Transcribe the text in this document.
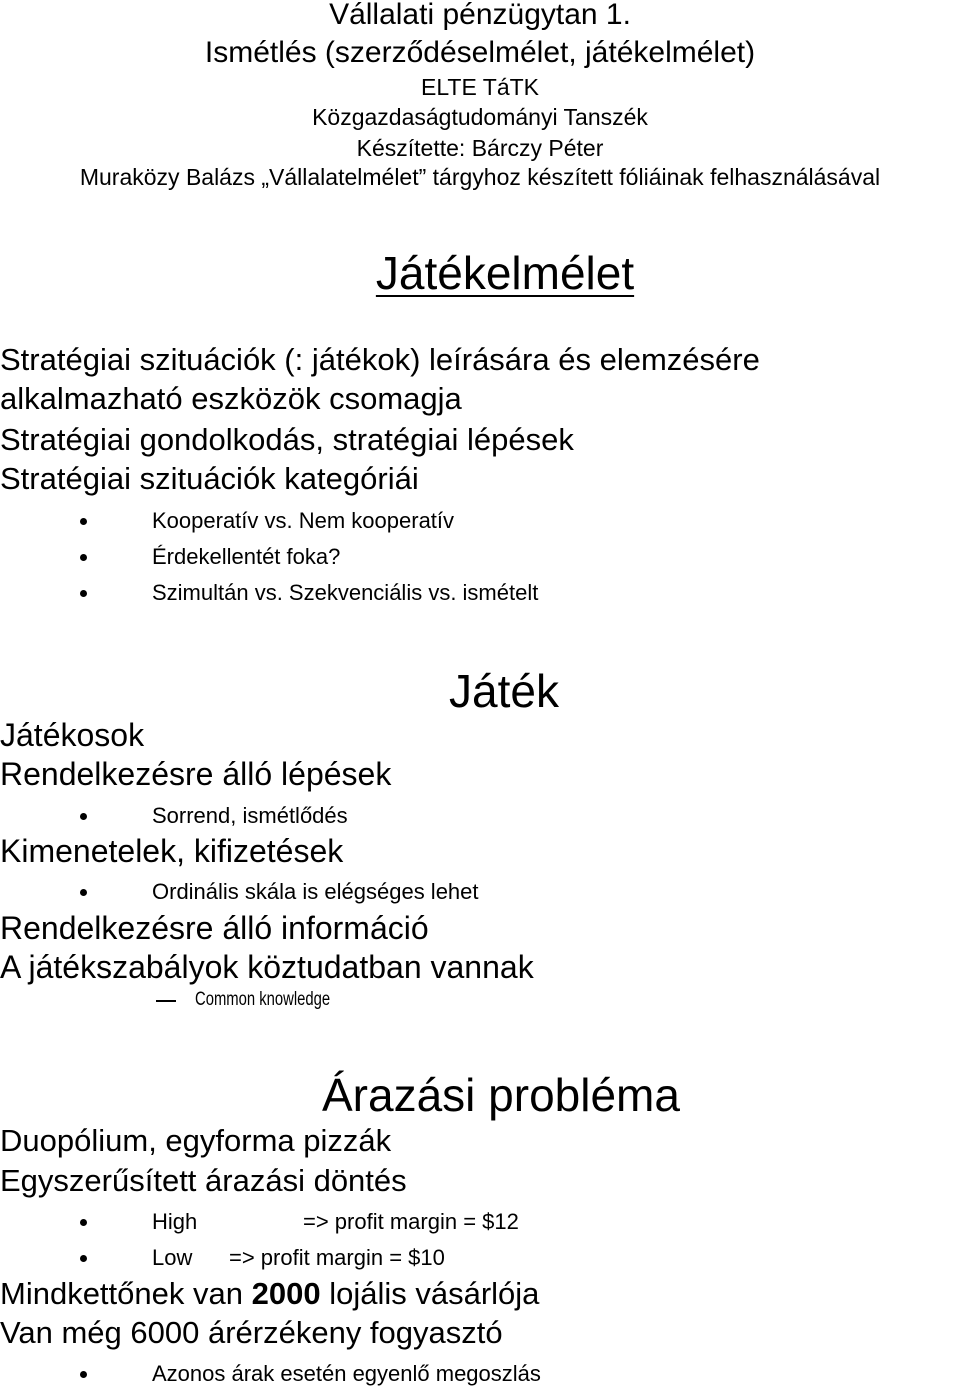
Vállalati pénzügytan 1.
Ismétlés (szerződéselmélet, játékelmélet)
ELTE TáTK
Közgazdaságtudományi Tanszék
Készítette: Bárczy Péter
Muraközy Balázs „Vállalatelmélet” tárgyhoz készített fóliáinak felhasználásával
Játékelmélet
Stratégiai szituációk (: játékok) leírására és elemzésére
alkalmazható eszközök csomagja
Stratégiai gondolkodás, stratégiai lépések
Stratégiai szituációk kategóriái
Kooperatív vs. Nem kooperatív
Érdekellentét foka?
Szimultán vs. Szekvenciális vs. ismételt
Játék
Játékosok
Rendelkezésre álló lépések
Sorrend, ismétlődés
Kimenetelek, kifizetések
Ordinális skála is elégséges lehet
Rendelkezésre álló információ
A játékszabályok köztudatban vannak
Common knowledge
Árazási probléma
Duopólium, egyforma pizzák
Egyszerűsített árazási döntés
High	=> profit margin = $12
Low => profit margin = $10
Mindkettőnek van 2000 lojális vásárlója
Van még 6000 árérzékeny fogyasztó
Azonos árak esetén egyenlő megoszlás
